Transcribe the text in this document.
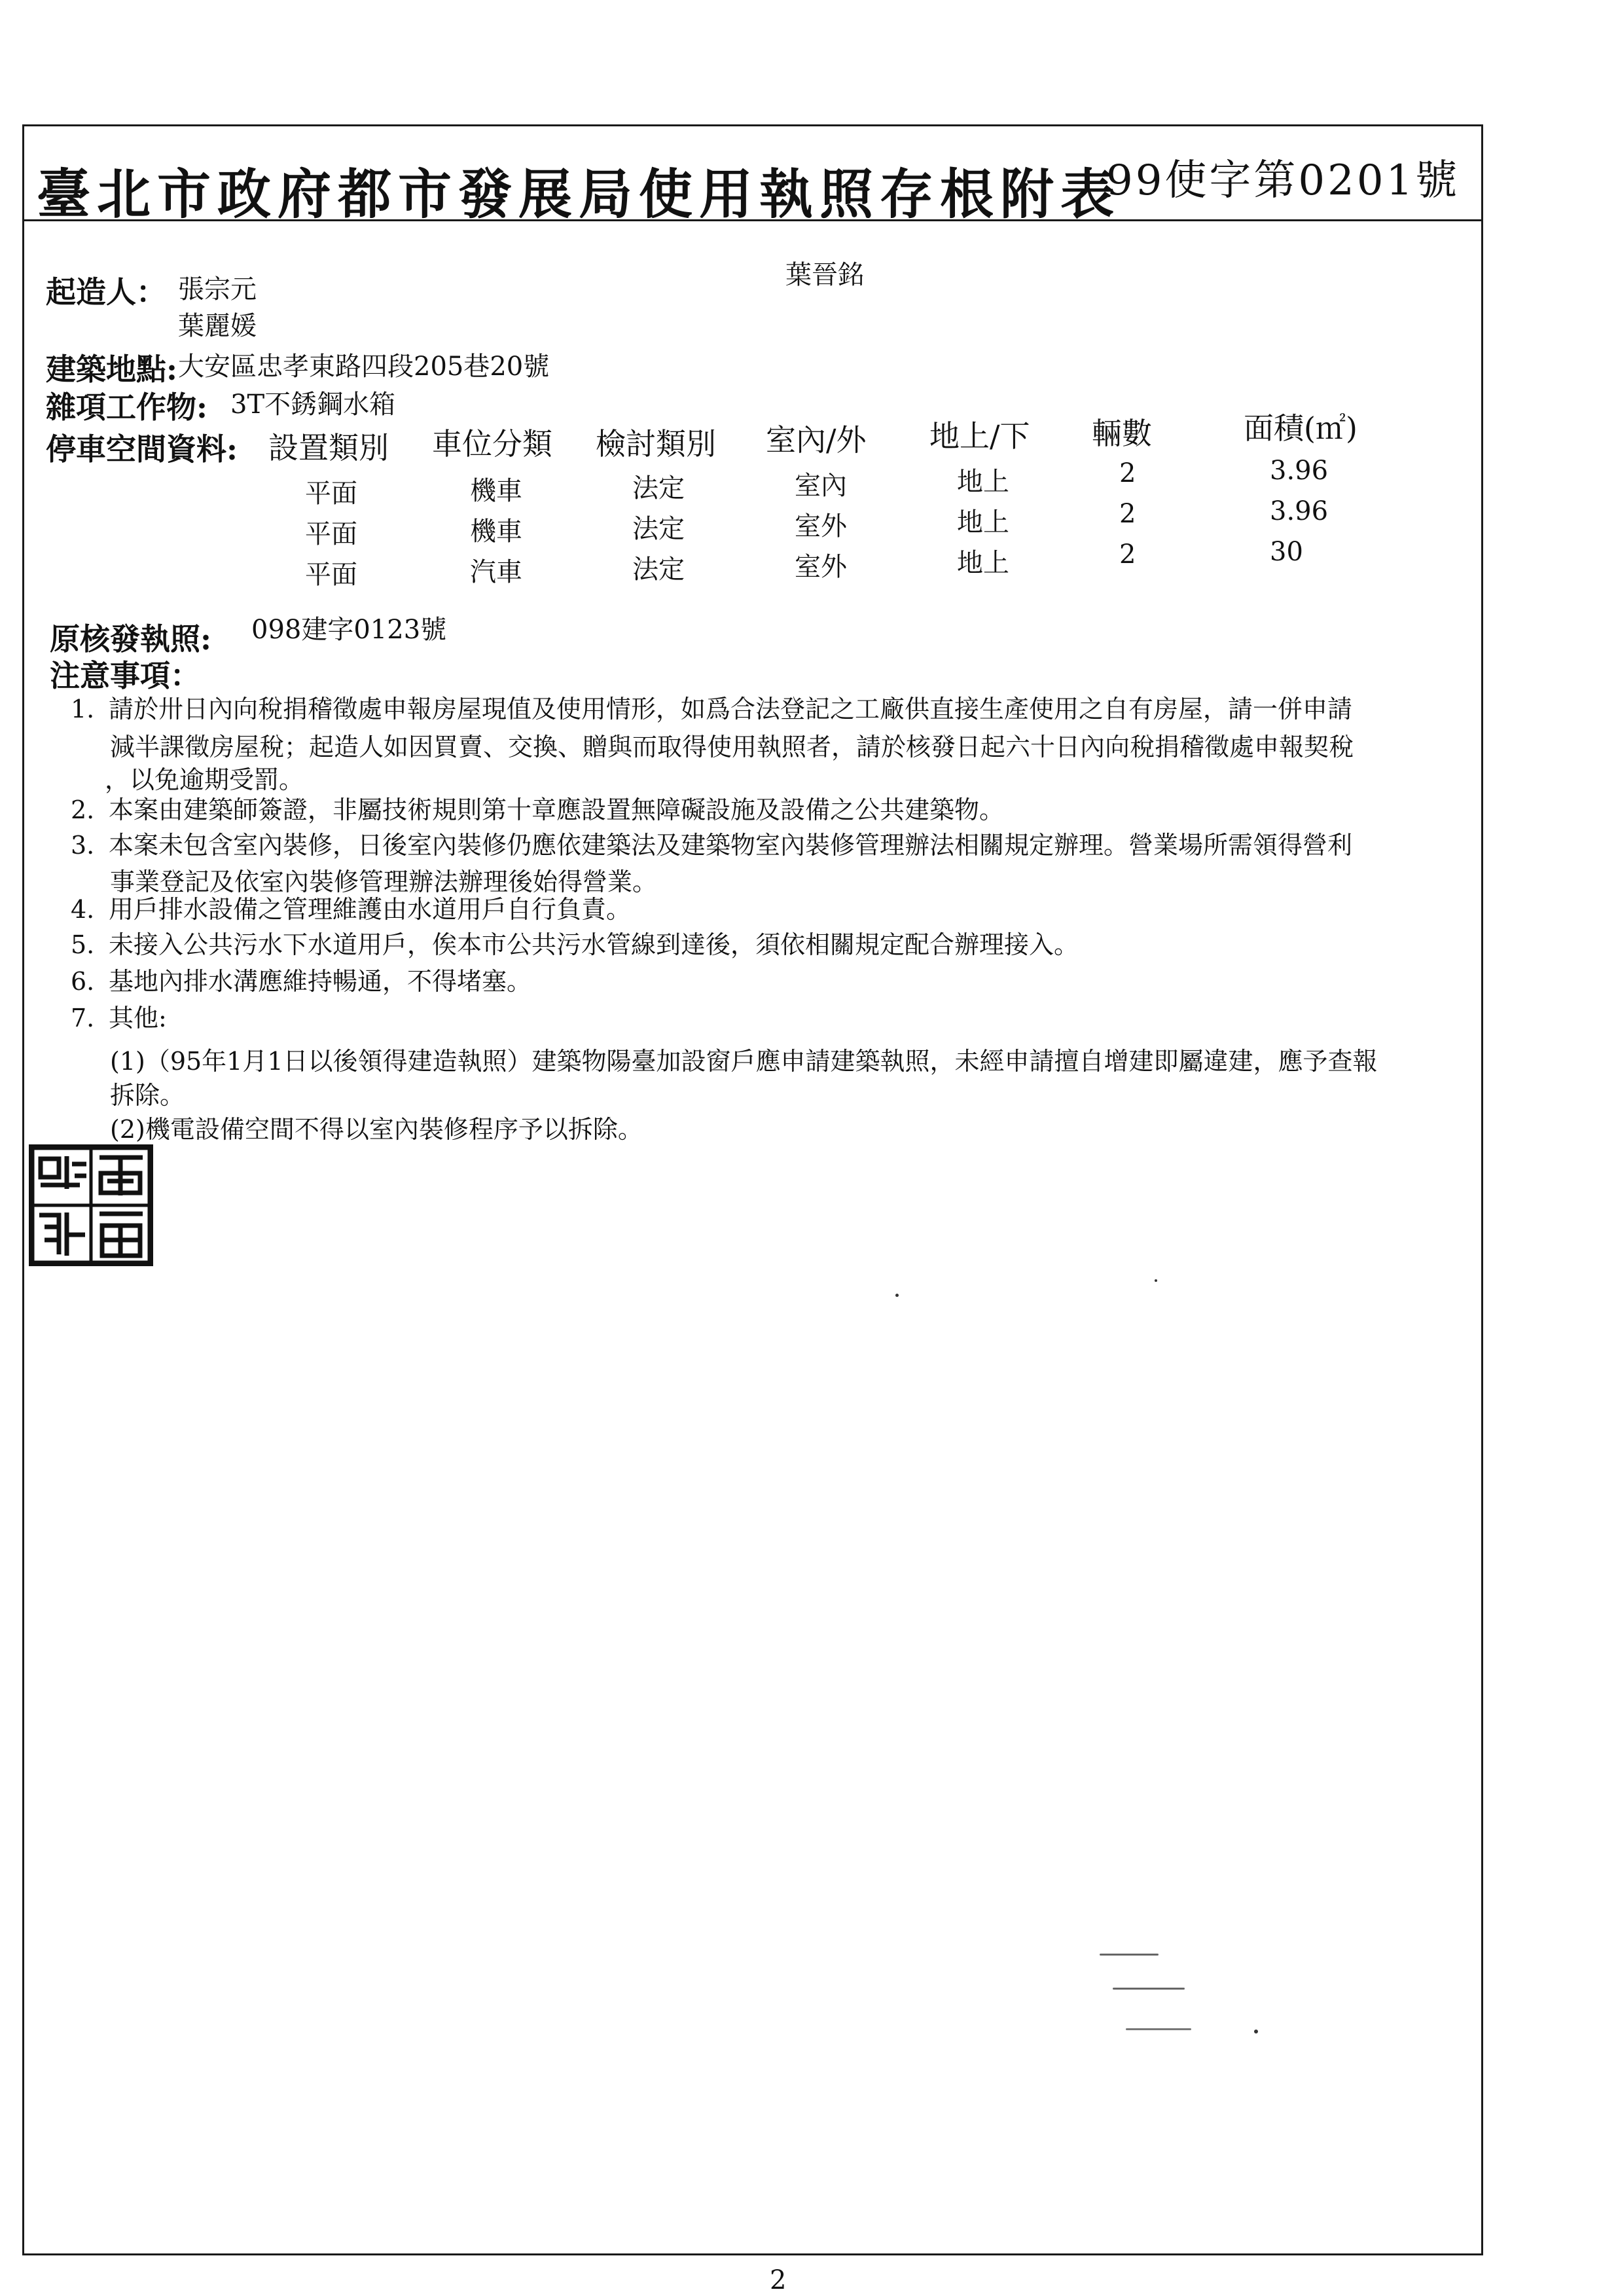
臺北市政府都市發展局使用執照存根附表
99使字第0201號
起造人： 張宗元
葉麗媛
葉晉銘
建築地點: 大安區忠孝東路四段205巷20號
雜項工作物: 3T不銹鋼水箱
停車空間資料: 設置類別 車位分類 檢討類別 室內/外 地上/下 輛數	面積(㎡)
平面	機車	法定	室內	地上	2	3.96
平面	機車	法定	室外	地上	2	3.96
平面	汽車	法定	室外	地上	2	30
原核發執照: 098建字0123號
注意事項：
1. 請於卅日內向稅捐稽徵處申報房屋現值及使用情形，如爲合法登記之工廠供直接生產使用之自有房屋，請一併申請
減半課徵房屋稅；起造人如因買賣、交換、贈與而取得使用執照者，請於核發日起六十日內向稅捐稽徵處申報契稅
，以免逾期受罰。
2. 本案由建築師簽證，非屬技術規則第十章應設置無障礙設施及設備之公共建築物。
3. 本案未包含室內裝修，日後室內裝修仍應依建築法及建築物室內裝修管理辦法相關規定辦理。營業場所需領得營利
事業登記及依室內裝修管理辦法辦理後始得營業。
4. 用戶排水設備之管理維護由水道用戶自行負責。
5. 未接入公共污水下水道用戶，俟本市公共污水管線到達後，須依相關規定配合辦理接入。
6. 基地內排水溝應維持暢通，不得堵塞。
7. 其他:
(1)（95年1月1日以後領得建造執照）建築物陽臺加設窗戶應申請建築執照，未經申請擅自增建即屬違建，應予查報
拆除。
(2)機電設備空間不得以室內裝修程序予以拆除。
2
